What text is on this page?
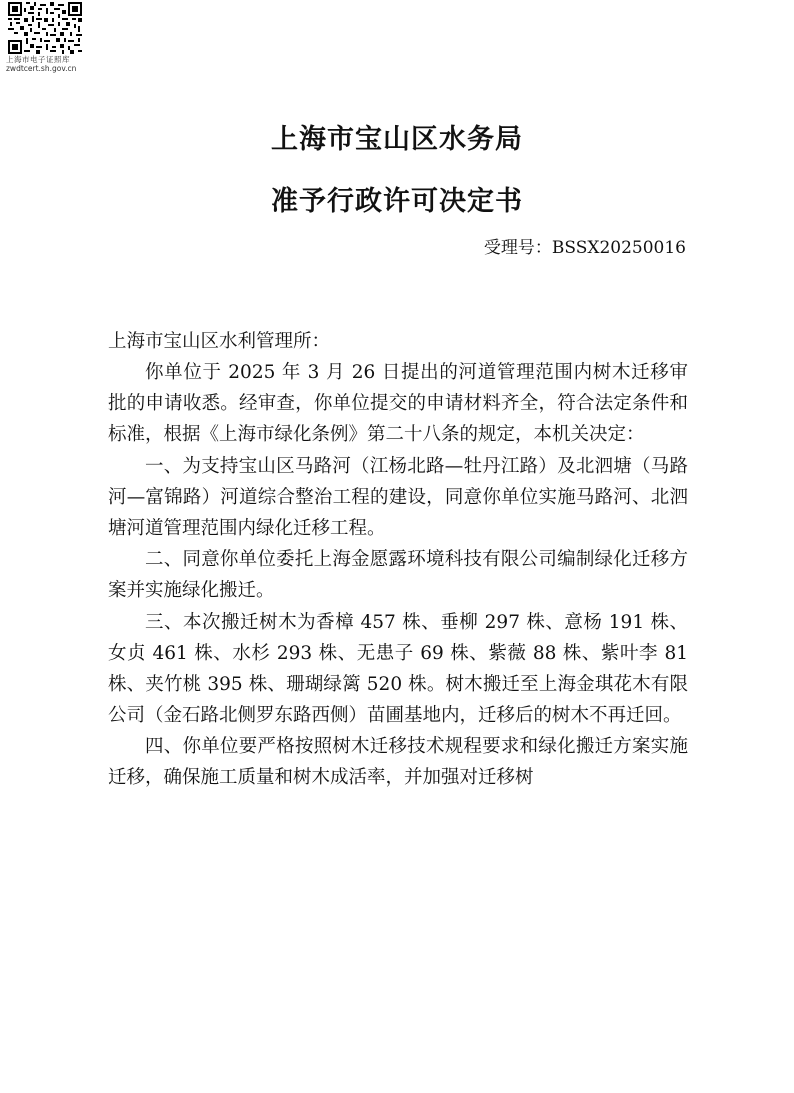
上海市电子证照库
zwdtcert.sh.gov.cn
上海市宝山区水务局
准予行政许可决定书
受理号：BSSX20250016

上海市宝山区水利管理所：

你单位于 2025 年 3 月 26 日提出的河道管理范围内树木迁移审批的申请收悉。经审查，你单位提交的申请材料齐全，符合法定条件和标准，根据《上海市绿化条例》第二十八条的规定，本机关决定：

一、为支持宝山区马路河（江杨北路—牡丹江路）及北泗塘（马路河—富锦路）河道综合整治工程的建设，同意你单位实施马路河、北泗塘河道管理范围内绿化迁移工程。

二、同意你单位委托上海金愿露环境科技有限公司编制绿化迁移方案并实施绿化搬迁。

三、本次搬迁树木为香樟 457 株、垂柳 297 株、意杨 191 株、女贞 461 株、水杉 293 株、无患子 69 株、紫薇 88 株、紫叶李 81 株、夹竹桃 395 株、珊瑚绿篱 520 株。树木搬迁至上海金琪花木有限公司（金石路北侧罗东路西侧）苗圃基地内，迁移后的树木不再迁回。

四、你单位要严格按照树木迁移技术规程要求和绿化搬迁方案实施迁移，确保施工质量和树木成活率，并加强对迁移树
